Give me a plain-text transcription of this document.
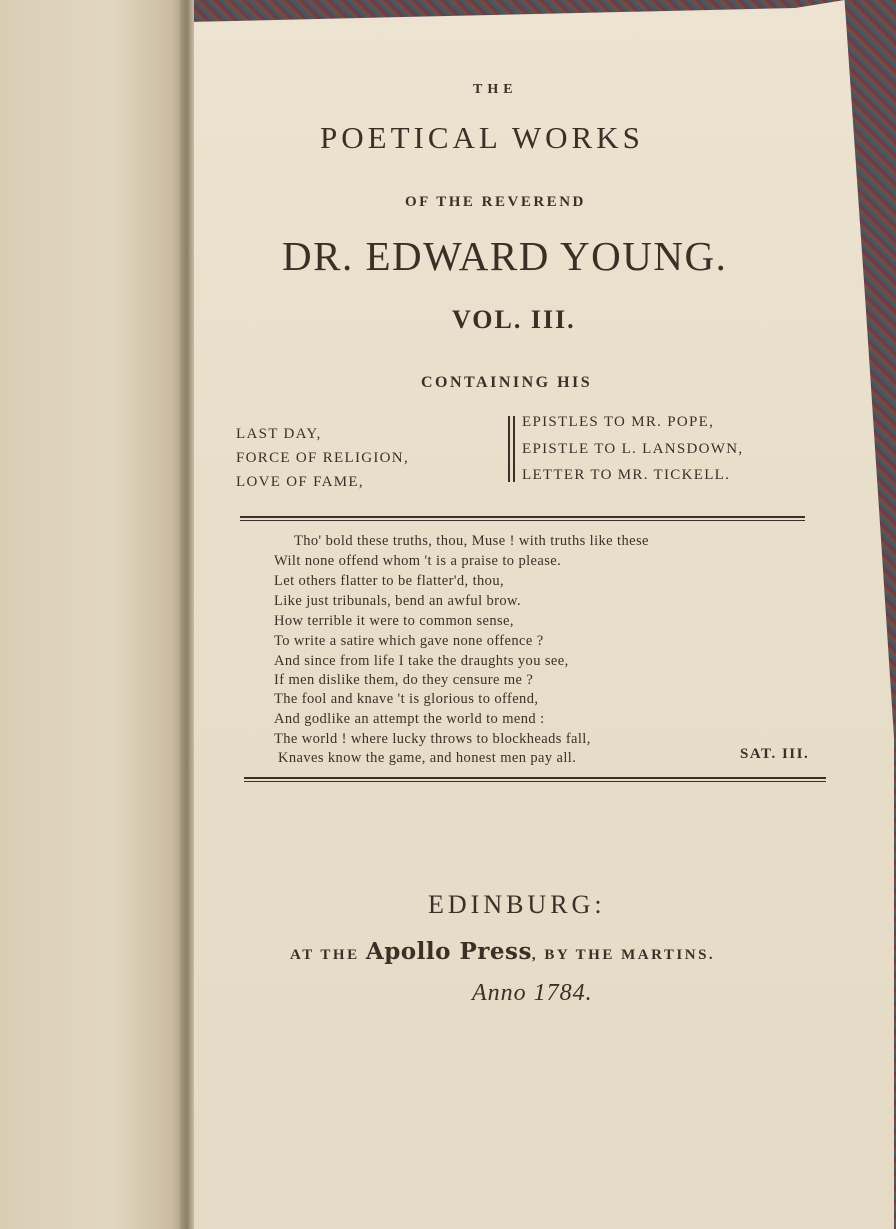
THE
POETICAL WORKS
OF THE REVEREND
DR. EDWARD YOUNG.
VOL. III.
CONTAINING HIS
LAST DAY,
FORCE OF RELIGION,
LOVE OF FAME,
EPISTLES TO MR. POPE,
EPISTLE TO L. LANSDOWN,
LETTER TO MR. TICKELL.
Tho' bold these truths, thou, Muse ! with truths like these
Wilt none offend whom 't is a praise to please.
Let others flatter to be flatter'd, thou,
Like just tribunals, bend an awful brow.
How terrible it were to common sense,
To write a satire which gave none offence ?
And since from life I take the draughts you see,
If men dislike them, do they censure me ?
The fool and knave 't is glorious to offend,
And godlike an attempt the world to mend :
The world ! where lucky throws to blockheads fall,
Knaves know the game, and honest men pay all.	SAT. III.
EDINBURG:
AT THE Apollo Press, BY THE MARTINS.
Anno 1784.
